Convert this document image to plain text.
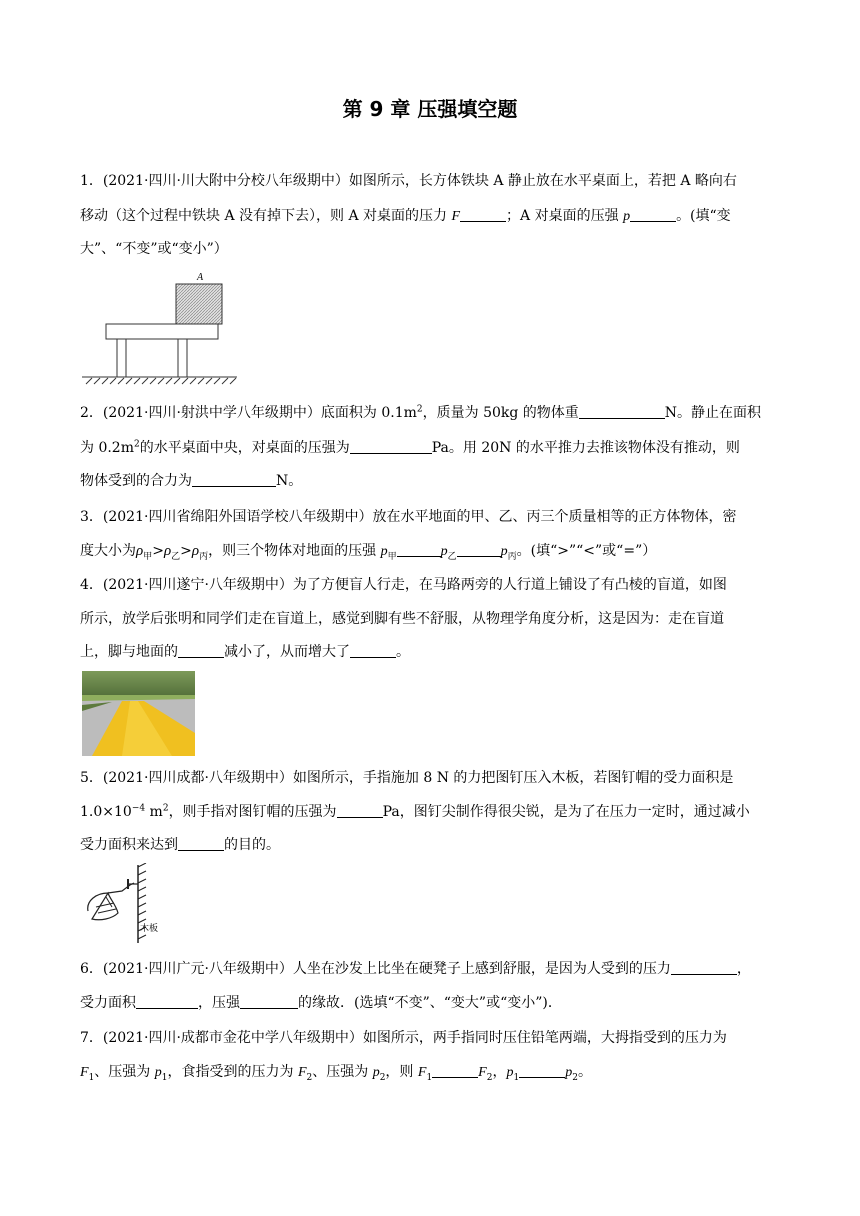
第 9 章 压强填空题
1．(2021·四川·川大附中分校八年级期中）如图所示，长方体铁块 A 静止放在水平桌面上，若把 A 略向右
移动（这个过程中铁块 A 没有掉下去），则 A 对桌面的压力 F	；A 对桌面的压强 p	。(填“变
大”、“不变”或“变小”）
A
2．(2021·四川·射洪中学八年级期中）底面积为 $0.1m^2$，质量为 50kg 的物体重	N。静止在面积
为 $0.2m^2$的水平桌面中央，对桌面的压强为	Pa。用 20N 的水平推力去推该物体没有推动，则
物体受到的合力为	N。
3．(2021·四川省绵阳外国语学校八年级期中）放在水平地面的甲、乙、丙三个质量相等的正方体物体，密
度大小为$\rho_甲>\rho_乙>\rho_丙$，则三个物体对地面的压强 $p_甲$	$p_乙$	$p_丙$。(填“>”“<”或“=”）
4．(2021·四川遂宁·八年级期中）为了方便盲人行走，在马路两旁的人行道上铺设了有凸棱的盲道，如图
所示，放学后张明和同学们走在盲道上，感觉到脚有些不舒服，从物理学角度分析，这是因为：走在盲道
上，脚与地面的	减小了，从而增大了	。
5．(2021·四川成都·八年级期中）如图所示，手指施加 8 N 的力把图钉压入木板，若图钉帽的受力面积是
$1.0\times 10^{-4}$ $m^2$，则手指对图钉帽的压强为	Pa，图钉尖制作得很尖锐，是为了在压力一定时，通过减小
受力面积来达到	的目的。
木板
6．(2021·四川广元·八年级期中）人坐在沙发上比坐在硬凳子上感到舒服，是因为人受到的压力	，
受力面积	，压强	的缘故．(选填“不变”、“变大”或“变小”)．
7．(2021·四川·成都市金花中学八年级期中）如图所示，两手指同时压住铅笔两端，大拇指受到的压力为
$F_1$、压强为 $p_1$，食指受到的压力为 $F_2$、压强为 $p_2$，则 $F_1$	$F_2$，$p_1$	$p_2$。
